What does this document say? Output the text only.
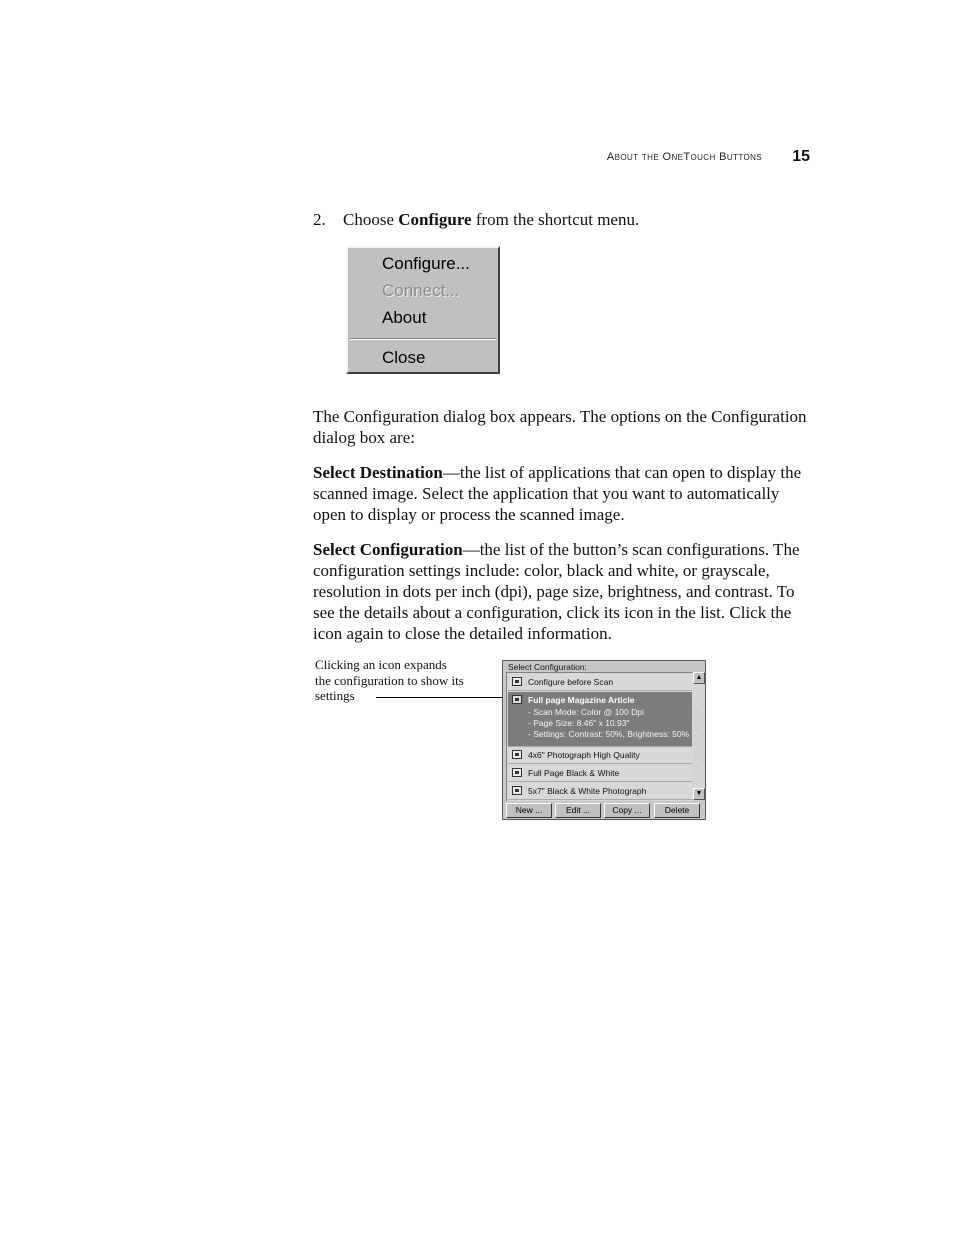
About the OneTouch Buttons 15
2. Choose Configure from the shortcut menu.
Configure...
Connect...
About
Close

The Configuration dialog box appears. The options on the Configuration dialog box are:

Select Destination—the list of applications that can open to display the scanned image. Select the application that you want to automatically open to display or process the scanned image.

Select Configuration—the list of the button’s scan configurations. The configuration settings include: color, black and white, or grayscale, resolution in dots per inch (dpi), page size, brightness, and contrast. To see the details about a configuration, click its icon in the list. Click the icon again to close the detailed information.

Clicking an icon expands the configuration to show its settings
Select Configuration:
Configure before Scan
Full page Magazine Article
- Scan Mode: Color @ 100 Dpi
- Page Size: 8.46" x 10.93"
- Settings: Contrast: 50%, Brightness: 50%
4x6" Photograph High Quality
Full Page Black & White
5x7" Black & White Photograph
▲
▼
New ...	Edit ...	Copy ...	Delete
